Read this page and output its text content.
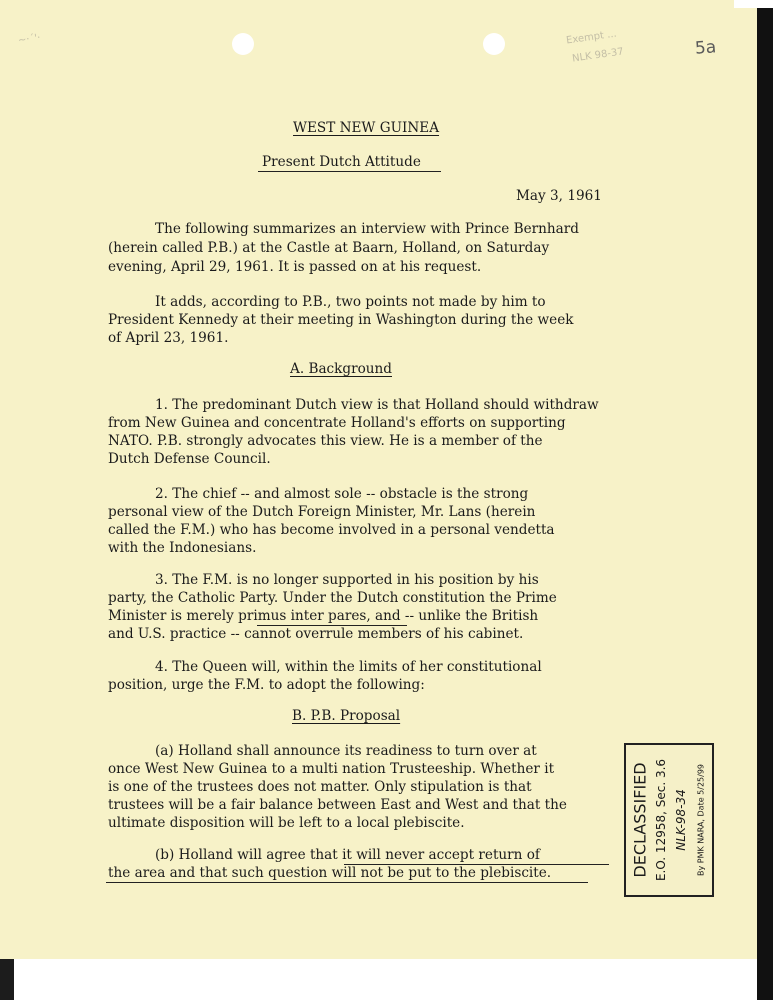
~·´'·	Exempt ...
NLK 98-37	5a

WEST NEW GUINEA

Present Dutch Attitude

May 3, 1961

The following summarizes an interview with Prince Bernhard

(herein called P.B.) at the Castle at Baarn, Holland, on Saturday

evening, April 29, 1961. It is passed on at his request.

It adds, according to P.B., two points not made by him to

President Kennedy at their meeting in Washington during the week

of April 23, 1961.

A. Background

1. The predominant Dutch view is that Holland should withdraw

from New Guinea and concentrate Holland's efforts on supporting

NATO. P.B. strongly advocates this view. He is a member of the

Dutch Defense Council.

2. The chief -- and almost sole -- obstacle is the strong

personal view of the Dutch Foreign Minister, Mr. Lans (herein

called the F.M.) who has become involved in a personal vendetta

with the Indonesians.

3. The F.M. is no longer supported in his position by his

party, the Catholic Party. Under the Dutch constitution the Prime

Minister is merely primus inter pares, and -- unlike the British

and U.S. practice -- cannot overrule members of his cabinet.

4. The Queen will, within the limits of her constitutional

position, urge the F.M. to adopt the following:

B. P.B. Proposal

(a) Holland shall announce its readiness to turn over at

once West New Guinea to a multi nation Trusteeship. Whether it

is one of the trustees does not matter. Only stipulation is that

trustees will be a fair balance between East and West and that the

ultimate disposition will be left to a local plebiscite.

(b) Holland will agree that it will never accept return of

the area and that such question will not be put to the plebiscite.	DECLASSIFIED E.O. 12958, Sec. 3.6 NLK-98-34 By PMK NARA, Date 5/25/99
